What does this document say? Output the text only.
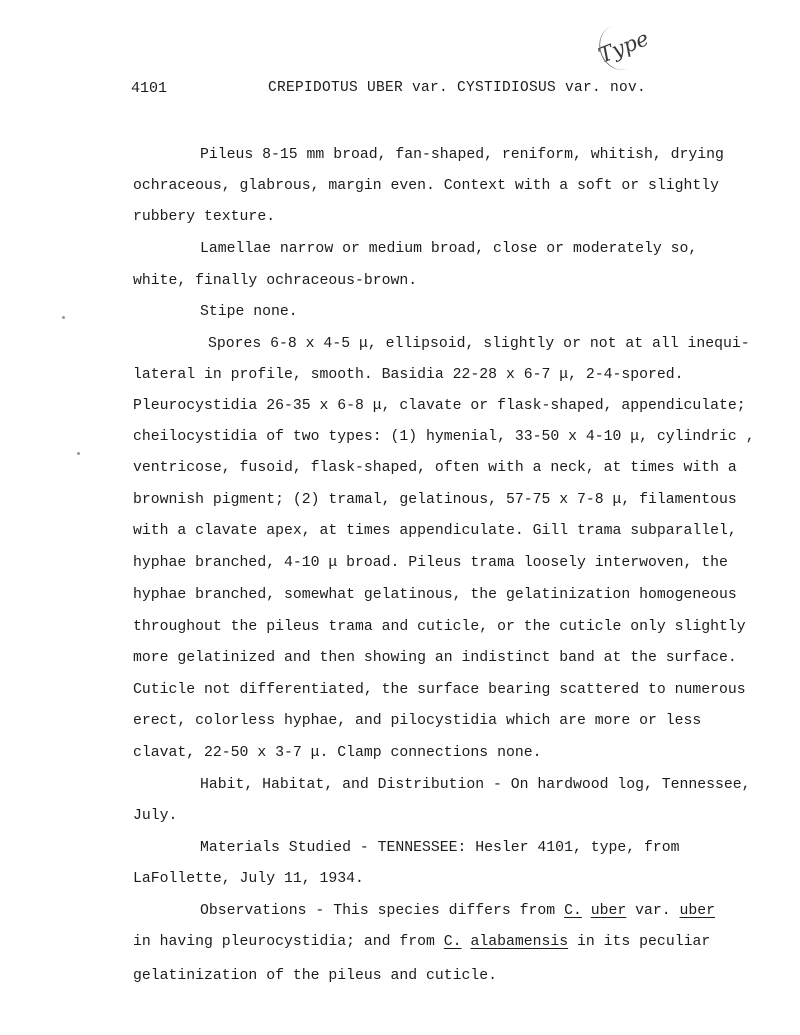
Type
4101	CREPIDOTUS UBER var. CYSTIDIOSUS var. nov.
Pileus 8-15 mm broad, fan-shaped, reniform, whitish, drying
ochraceous, glabrous, margin even. Context with a soft or slightly
rubbery texture.
Lamellae narrow or medium broad, close or moderately so,
white, finally ochraceous-brown.
Stipe none.
Spores 6-8 x 4-5 μ, ellipsoid, slightly or not at all inequi-
lateral in profile, smooth. Basidia 22-28 x 6-7 μ, 2-4-spored.
Pleurocystidia 26-35 x 6-8 μ, clavate or flask-shaped, appendiculate;
cheilocystidia of two types: (1) hymenial, 33-50 x 4-10 μ, cylindric ,
ventricose, fusoid, flask-shaped, often with a neck, at times with a
brownish pigment; (2) tramal, gelatinous, 57-75 x 7-8 μ, filamentous
with a clavate apex, at times appendiculate. Gill trama subparallel,
hyphae branched, 4-10 μ broad. Pileus trama loosely interwoven, the
hyphae branched, somewhat gelatinous, the gelatinization homogeneous
throughout the pileus trama and cuticle, or the cuticle only slightly
more gelatinized and then showing an indistinct band at the surface.
Cuticle not differentiated, the surface bearing scattered to numerous
erect, colorless hyphae, and pilocystidia which are more or less
clavat, 22-50 x 3-7 μ. Clamp connections none.
Habit, Habitat, and Distribution - On hardwood log, Tennessee,
July.
Materials Studied - TENNESSEE: Hesler 4101, type, from
LaFollette, July 11, 1934.
Observations - This species differs from C. uber var. uber
in having pleurocystidia; and from C. alabamensis in its peculiar
gelatinization of the pileus and cuticle.
